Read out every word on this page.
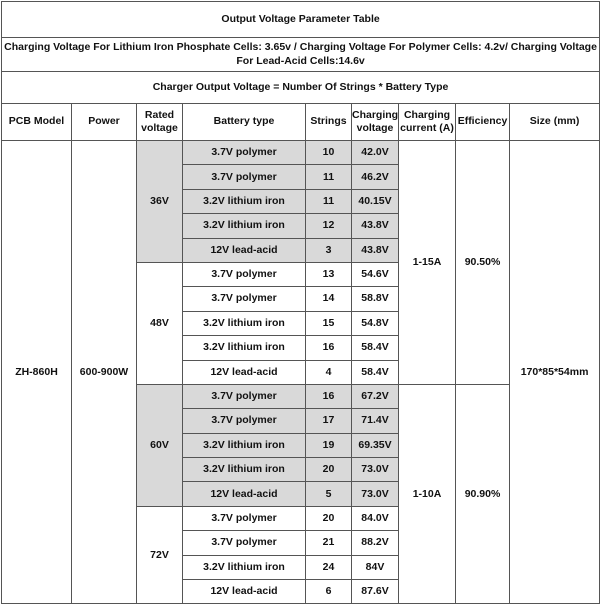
Output Voltage Parameter Table								
Charging Voltage For Lithium Iron Phosphate Cells: 3.65v / Charging Voltage For Polymer Cells: 4.2v/ Charging Voltage For Lead-Acid Cells:14.6v								
Charger Output Voltage = Number Of Strings * Battery Type								
PCB Model	Power	Rated voltage	Battery type	Strings	Charging voltage	Charging current (A)	Efficiency	Size (mm)
ZH-860H	600-900W	36V	3.7V polymer	10	42.0V	1-15A	90.50%	170*85*54mm
			3.7V polymer	11	46.2V			
			3.2V lithium iron	11	40.15V			
			3.2V lithium iron	12	43.8V			
			12V lead-acid	3	43.8V			
		48V	3.7V polymer	13	54.6V			
			3.7V polymer	14	58.8V			
			3.2V lithium iron	15	54.8V			
			3.2V lithium iron	16	58.4V			
			12V lead-acid	4	58.4V			
		60V	3.7V polymer	16	67.2V	1-10A	90.90%	
			3.7V polymer	17	71.4V			
			3.2V lithium iron	19	69.35V			
			3.2V lithium iron	20	73.0V			
			12V lead-acid	5	73.0V			
		72V	3.7V polymer	20	84.0V			
			3.7V polymer	21	88.2V			
			3.2V lithium iron	24	84V			
			12V lead-acid	6	87.6V			
